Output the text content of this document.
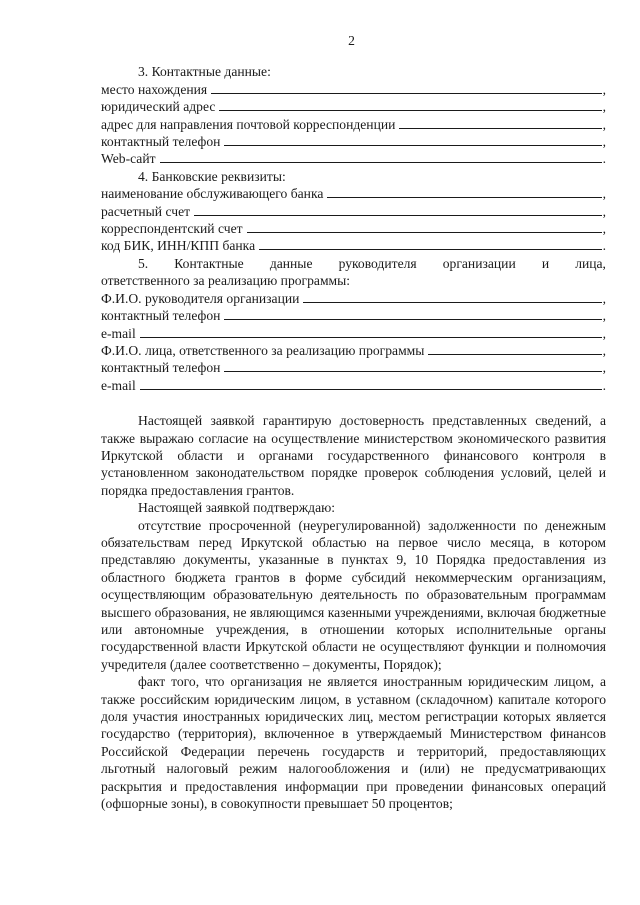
2
3. Контактные данные:
место нахождения	,
юридический адрес	,
адрес для направления почтовой корреспонденции	,
контактный телефон	,
Web-сайт	.
4. Банковские реквизиты:
наименование обслуживающего банка	,
расчетный счет	,
корреспондентский счет	,
код БИК, ИНН/КПП банка	.
5. Контактные данные руководителя организации и лица,
ответственного за реализацию программы:
Ф.И.О. руководителя организации	,
контактный телефон	,
e-mail	,
Ф.И.О. лица, ответственного за реализацию программы	,
контактный телефон	,
e-mail	.

Настоящей заявкой гарантирую достоверность представленных сведений, а также выражаю согласие на осуществление министерством экономического развития Иркутской области и органами государственного финансового контроля в установленном законодательством порядке проверок соблюдения условий, целей и порядка предоставления грантов.

Настоящей заявкой подтверждаю:

отсутствие просроченной (неурегулированной) задолженности по денежным обязательствам перед Иркутской областью на первое число месяца, в котором представляю документы, указанные в пунктах 9, 10 Порядка предоставления из областного бюджета грантов в форме субсидий некоммерческим организациям, осуществляющим образовательную деятельность по образовательным программам высшего образования, не являющимся казенными учреждениями, включая бюджетные или автономные учреждения, в отношении которых исполнительные органы государственной власти Иркутской области не осуществляют функции и полномочия учредителя (далее соответственно – документы, Порядок);

факт того, что организация не является иностранным юридическим лицом, а также российским юридическим лицом, в уставном (складочном) капитале которого доля участия иностранных юридических лиц, местом регистрации которых является государство (территория), включенное в утверждаемый Министерством финансов Российской Федерации перечень государств и территорий, предоставляющих льготный налоговый режим налогообложения и (или) не предусматривающих раскрытия и предоставления информации при проведении финансовых операций (офшорные зоны), в совокупности превышает 50 процентов;
